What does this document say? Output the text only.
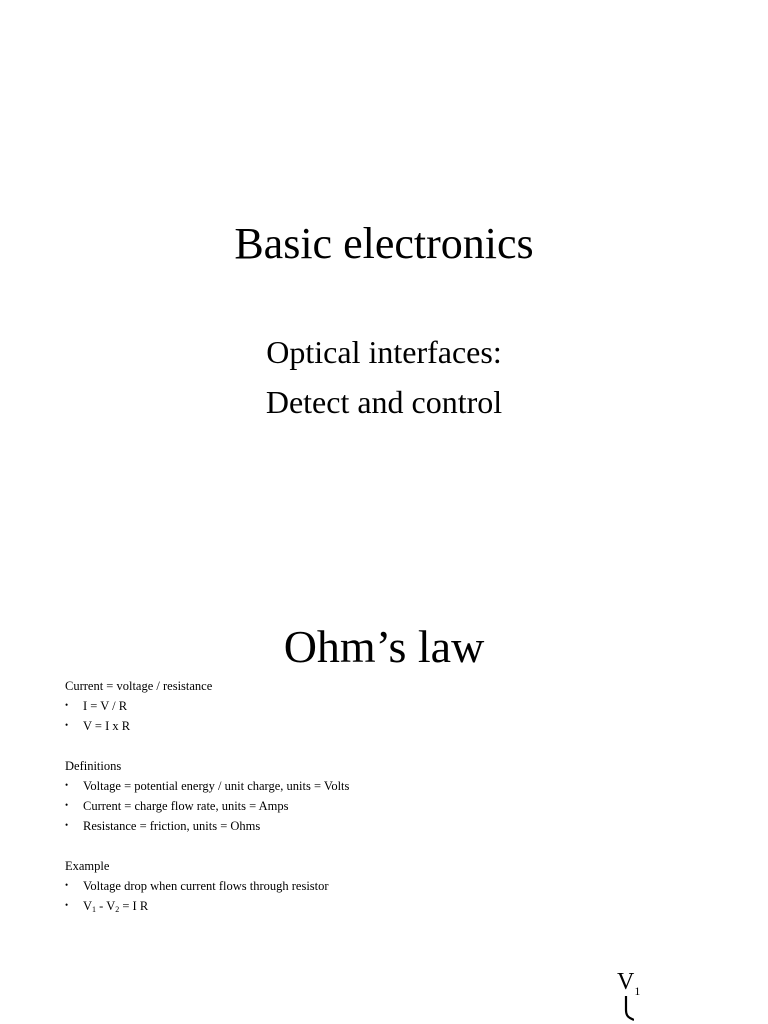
Basic electronics
Optical interfaces:
Detect and control
Ohm’s law
Current = voltage / resistance
• I = V / R
• V = I x R
Definitions
• Voltage = potential energy / unit charge, units = Volts
• Current = charge flow rate, units = Amps
• Resistance = friction, units = Ohms
Example
• Voltage drop when current flows through resistor
• $V_1 - V_2 = I$ R
$V_1$
